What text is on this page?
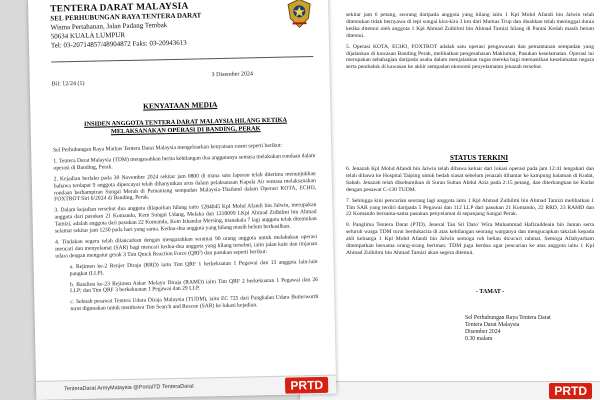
TENTERA DARAT MALAYSIA
SEL PERHUBUNGAN RAYA TENTERA DARAT
Wisma Pertahanan, Jalan Padang Tembak
50634 KUALA LUMPUR
Tel: 03-20714857/48904872 Faks: 03-20943613
3 Disember 2024
Bil: 12/24 (1)
KENYATAAN MEDIA
INSIDEN ANGGOTA TENTERA DARAT MALAYSIA HILANG KETIKA MELAKSANAKAN OPERASI DI BANDING, PERAK

Sel Perhubungan Raya Markas Tentera Darat Malaysia mengeluarkan kenyataan rasmi seperti berikut:

1. Tentera Darat Malaysia (TDM) mengesahkan berita kehilangan dua anggotanya semasa melakukan rondaan dalam operasi di Banding, Perak.

2. Kejadian berlaku pada 30 November 2024 sekitar jam 0800 di mana satu laporan telah diterima menunjukkan bahawa terdapat 9 anggota dipercayai telah dihanyutkan arus dalam pelaksanaan Kapala Air semasa melaksanakan rondaan berhampiran Sungai Merah di Pemantang sempadan Malaysia-Thailand dalam Operasi KOTA, ECHO, FOXTROT Siri 6/2024 di Banding, Perak.

3. Dalam kejadian tersebut dua anggota dilaporkan hilang iaitu 1284045 Kpl Mohd Afandi bin Jalwin, merupakan anggota dari pasukan 21 Komando, Kem Sungai Udang, Melaka dan 1218099 LKpl Ahmad Zulhilmi bin Ahmad Tamizi, adalah anggota dari pasukan 22 Komando, Kem Iskandar Mersing, manakala 7 lagi anggota telah ditemukan selamat sekitar jam 1230 pada hari yang sama. Kedua-dua anggota yang hilang masih belum berhasilkan.

4. Tindakan segera telah dilancarkan dengan mengarahkan seramai 90 orang anggota untuk melakukan operasi mencari dan menyelamat (SAR) bagi mencari kedua-dua anggota yang hilang tersebut, iaitu jalan kaki dan tinjauan udara dengan mengatur gerak 3 Tim Quick Reaction Force (QRF) dan pasukan seperti berikut:

a. Rejimen ke-2 Renjer Diraja (RRD) iaitu Tim QRF 1 berkekuatan 1 Pegawai dan 13 anggota lain-lain pangkat (LLP).

b. Batalion ke-23 Rejimen Askar Melayu Diraja (RAMD) iaitu Tim QRF 2 berkekuatan 1 Pegawai dan 26 LLP; dan Tim QRF 3 berkekuatan 1 Pegawai dan 29 LLP.

c. Sebuah pesawat Tentera Udara Diraja Malaysia (TUDM), iaitu EC 725 dari Pangkalan Udara Butterworth turut digunakan untuk membawa Tim Search and Rescue (SAR) ke lokasi kejadian.

TenteraDarat ArmyMalaysia @PortalTD TenteraDarat	PRTD

sekitar jam 6 petang, seorang daripada anggota yang hilang iaitu 1 Kpl Mohd Afandi bin Jalwin telah ditemukan tidak bernyawa di tepi sungai kira-kira 3 km dari Markas Trup dan disahkan telah meninggal dunia ketika ditemui oleh anggota 1 Kpl Ahmad Zulhilmi bin Ahmad Tamizi hilang di Pantai Kedah masih belum ditemui.

5. Operasi KOTA, ECHO, FOXTROT adalah satu operasi pengawasan dan pemantauan sempadan yang dijalankan di kawasan Banding Perak, melibatkan pengesahasan Maklumat, Pasukan keselamatan. Operasi ini merupakan sebahagian daripada usaha dalam menjalankan tugas mereka bagi memastikan keselamatan negara serta penduduk di kawasan ke akhir sempadan ekonomi penyelamatan jenazah tersebut.

STATUS TERKINI

6. Jenazah Kpl Mohd Afandi bin Jalwin telah dibawa keluar dari lokasi operasi pada jam 12:41 tengahari dan telah dibawa ke Hospital Taiping untuk bedah siasat sebelum jenazah dihantar ke kampung halaman di Kudat, Sabah. Jenazah telah dikebumikan di Surau Sultan Abdul Aziz pada 2:15 petang, dan diterbangkan ke Kudat dengan pesawat C-130 TUDM.

7. Sehingga kini pencarian seorang lagi anggota iaitu 1 Kpl Ahmad Zulhilmi bin Ahmad Tamizi melibatkan 1 Tim SAR yang terdiri daripada 5 Pegawai dan 112 LLP dari pasukan 21 Komando, 22 RRD, 23 RAMD dan 22 Komando bersama-sama pasukan penyelamat di sepanjang Sungai Perak.

8. Panglima Tentera Darat (PTD), Jeneral Tan Sri Dato' Wira Muhammad Hafizuddeain bin Jantan serta seluruh warga TDM turut berdukacita di atas kehilangan seorang warganya dan mengucapkan takziah kepada ahli keluarga 1 Kpl Mohd Afandi bin Jalwin semoga roh beliau dicucuri rahmat. Semoga Allahyarham ditempatkan bersama orang-orang beriman. TDM juga berdoa agar pencarian ke atas anggota iaitu 1 Kpl Ahmad Zulhilmi bin Ahmad Tamizi akan segera ditemui.

- TAMAT -
Sel Perhubungan Raya Tentera Darat
Tentera Darat Malaysia
Disember 2024
0.30 malam
PRTD
